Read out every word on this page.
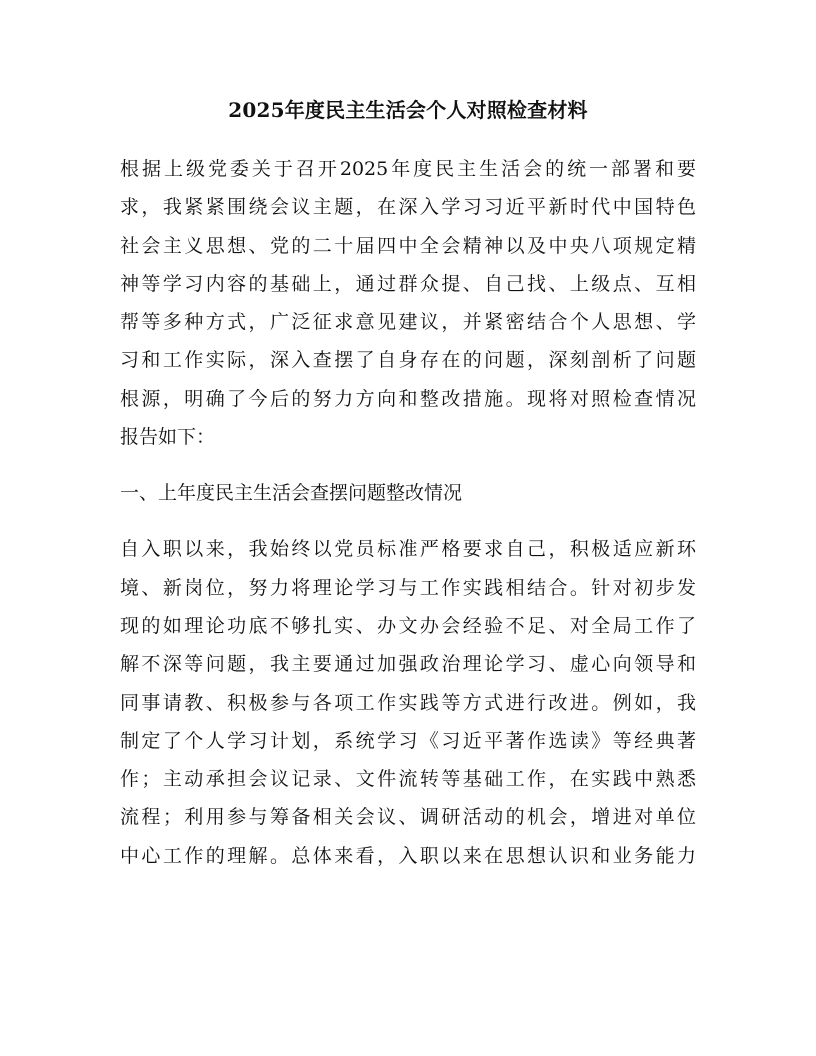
2025年度民主生活会个人对照检查材料
根据上级党委关于召开2025年度民主生活会的统一部署和要
求，我紧紧围绕会议主题，在深入学习习近平新时代中国特色
社会主义思想、党的二十届四中全会精神以及中央八项规定精
神等学习内容的基础上，通过群众提、自己找、上级点、互相
帮等多种方式，广泛征求意见建议，并紧密结合个人思想、学
习和工作实际，深入查摆了自身存在的问题，深刻剖析了问题
根源，明确了今后的努力方向和整改措施。现将对照检查情况
报告如下：
一、上年度民主生活会查摆问题整改情况
自入职以来，我始终以党员标准严格要求自己，积极适应新环
境、新岗位，努力将理论学习与工作实践相结合。针对初步发
现的如理论功底不够扎实、办文办会经验不足、对全局工作了
解不深等问题，我主要通过加强政治理论学习、虚心向领导和
同事请教、积极参与各项工作实践等方式进行改进。例如，我
制定了个人学习计划，系统学习《习近平著作选读》等经典著
作；主动承担会议记录、文件流转等基础工作，在实践中熟悉
流程；利用参与筹备相关会议、调研活动的机会，增进对单位
中心工作的理解。总体来看，入职以来在思想认识和业务能力
